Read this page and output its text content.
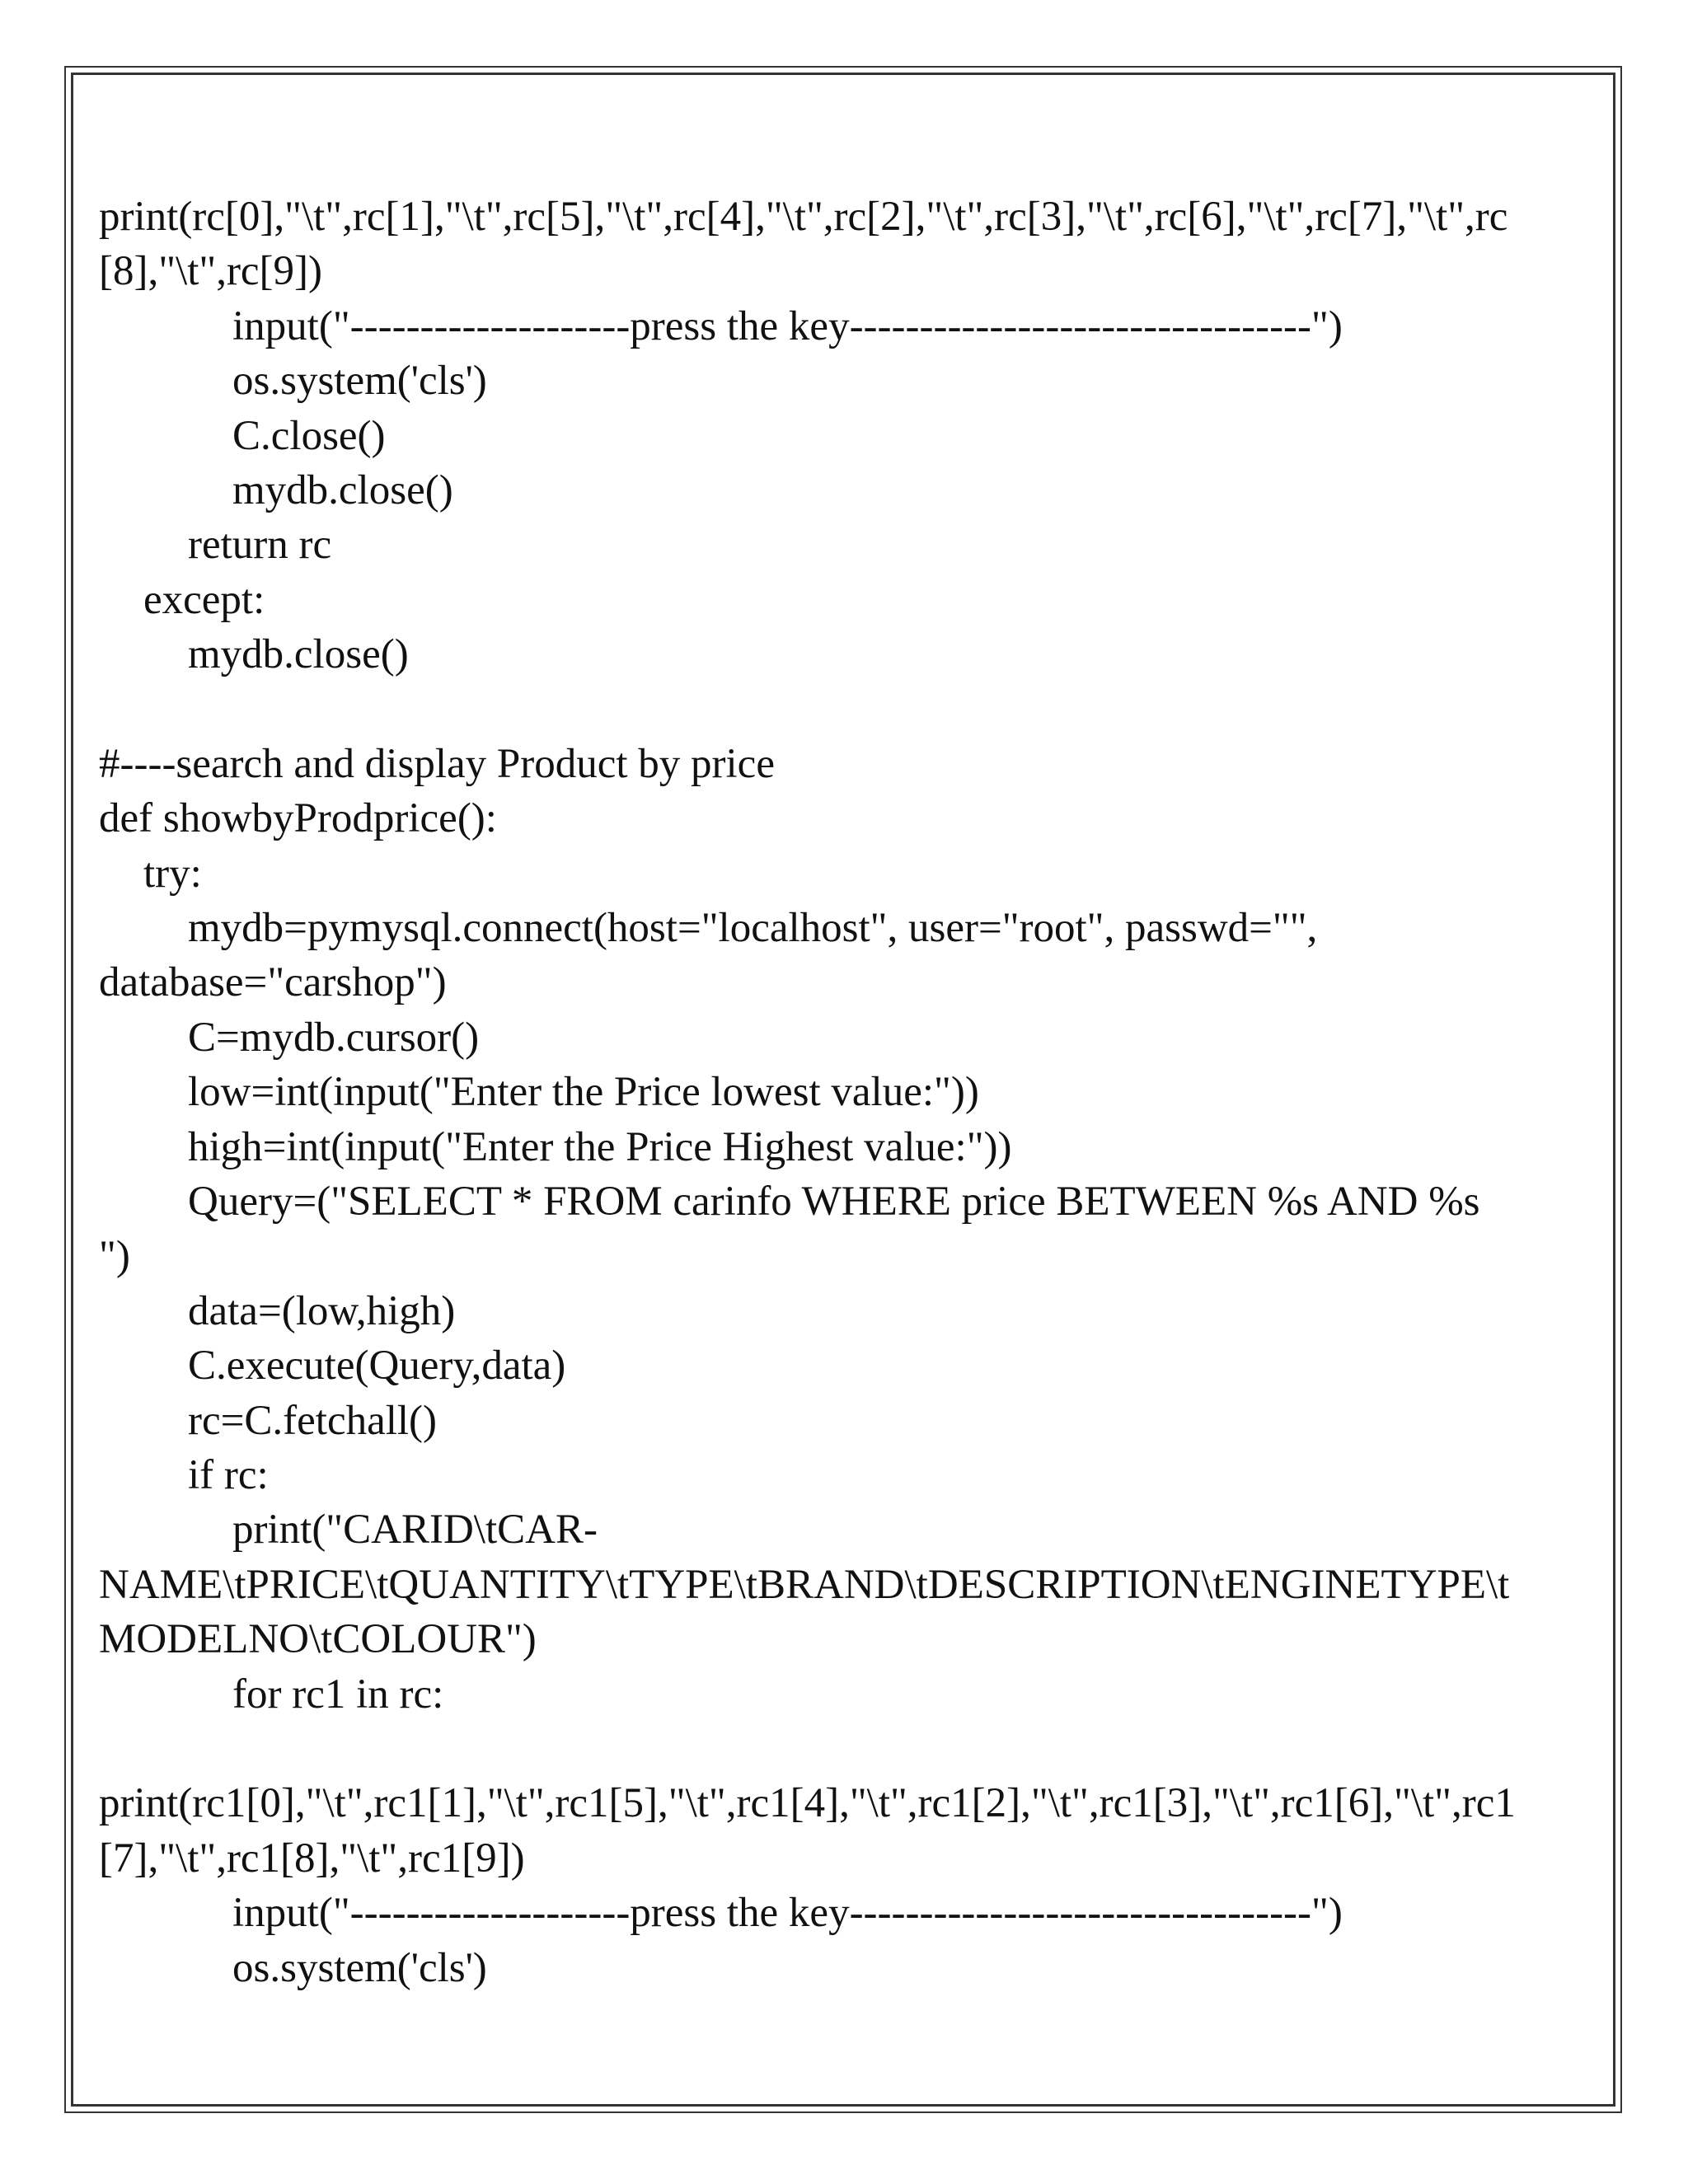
print(rc[0],"\t",rc[1],"\t",rc[5],"\t",rc[4],"\t",rc[2],"\t",rc[3],"\t",rc[6],"\t",rc[7],"\t",rc
[8],"\t",rc[9])
input("--------------------press the key---------------------------------")
os.system('cls')
C.close()
mydb.close()
return rc
except:
mydb.close()
#----search and display Product by price
def showbyProdprice():
try:
mydb=pymysql.connect(host="localhost", user="root", passwd="",
database="carshop")
C=mydb.cursor()
low=int(input("Enter the Price lowest value:"))
high=int(input("Enter the Price Highest value:"))
Query=("SELECT * FROM carinfo WHERE price BETWEEN %s AND %s
")
data=(low,high)
C.execute(Query,data)
rc=C.fetchall()
if rc:
print("CARID\tCAR-
NAME\tPRICE\tQUANTITY\tTYPE\tBRAND\tDESCRIPTION\tENGINETYPE\t
MODELNO\tCOLOUR")
for rc1 in rc:
print(rc1[0],"\t",rc1[1],"\t",rc1[5],"\t",rc1[4],"\t",rc1[2],"\t",rc1[3],"\t",rc1[6],"\t",rc1
[7],"\t",rc1[8],"\t",rc1[9])
input("--------------------press the key---------------------------------")
os.system('cls')
